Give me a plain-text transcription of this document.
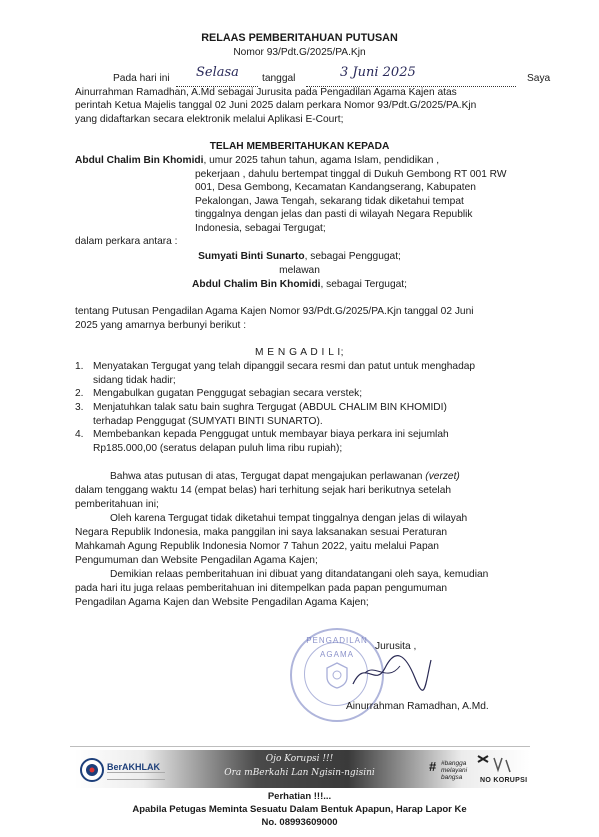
RELAAS PEMBERITAHUAN PUTUSAN
Nomor 93/Pdt.G/2025/PA.Kjn
Pada hari ini Selasa tanggal	3 Juni 2025	Saya
Ainurrahman Ramadhan, A.Md sebagai Jurusita pada Pengadilan Agama Kajen atas
perintah Ketua Majelis tanggal 02 Juni 2025 dalam perkara Nomor 93/Pdt.G/2025/PA.Kjn
yang didaftarkan secara elektronik melalui Aplikasi E-Court;
TELAH MEMBERITAHUKAN KEPADA
Abdul Chalim Bin Khomidi, umur 2025 tahun tahun, agama Islam, pendidikan ,
pekerjaan , dahulu bertempat tinggal di Dukuh Gembong RT 001 RW
001, Desa Gembong, Kecamatan Kandangserang, Kabupaten
Pekalongan, Jawa Tengah, sekarang tidak diketahui tempat
tinggalnya dengan jelas dan pasti di wilayah Negara Republik
Indonesia, sebagai Tergugat;
dalam perkara antara :
Sumyati Binti Sunarto, sebagai Penggugat;
melawan
Abdul Chalim Bin Khomidi, sebagai Tergugat;
tentang Putusan Pengadilan Agama Kajen Nomor 93/Pdt.G/2025/PA.Kjn tanggal 02 Juni
2025 yang amarnya berbunyi berikut :
M E N G A D I L I;
1. Menyatakan Tergugat yang telah dipanggil secara resmi dan patut untuk menghadap
sidang tidak hadir;
2. Mengabulkan gugatan Penggugat sebagian secara verstek;
3. Menjatuhkan talak satu bain sughra Tergugat (ABDUL CHALIM BIN KHOMIDI)
terhadap Penggugat (SUMYATI BINTI SUNARTO).
4. Membebankan kepada Penggugat untuk membayar biaya perkara ini sejumlah
Rp185.000,00 (seratus delapan puluh lima ribu rupiah);
Bahwa atas putusan di atas, Tergugat dapat mengajukan perlawanan (verzet)
dalam tenggang waktu 14 (empat belas) hari terhitung sejak hari berikutnya setelah
pemberitahuan ini;
Oleh karena Tergugat tidak diketahui tempat tinggalnya dengan jelas di wilayah
Negara Republik Indonesia, maka panggilan ini saya laksanakan sesuai Peraturan
Mahkamah Agung Republik Indonesia Nomor 7 Tahun 2022, yaitu melalui Papan
Pengumuman dan Website Pengadilan Agama Kajen;
Demikian relaas pemberitahuan ini dibuat yang ditandatangani oleh saya, kemudian
pada hari itu juga relaas pemberitahuan ini ditempelkan pada papan pengumuman
Pengadilan Agama Kajen dan Website Pengadilan Agama Kajen;
PENGADILAN AGAMA
Jurusita ,
Ainurrahman Ramadhan, A.Md.
BerAKHLAK
Ojo Korupsi !!!
Ora mBerkahi Lan Ngisin-ngisini	# #bangga melayani bangsa	NO KORUPSI
Perhatian !!!...
Apabila Petugas Meminta Sesuatu Dalam Bentuk Apapun, Harap Lapor Ke
No. 08993609000
